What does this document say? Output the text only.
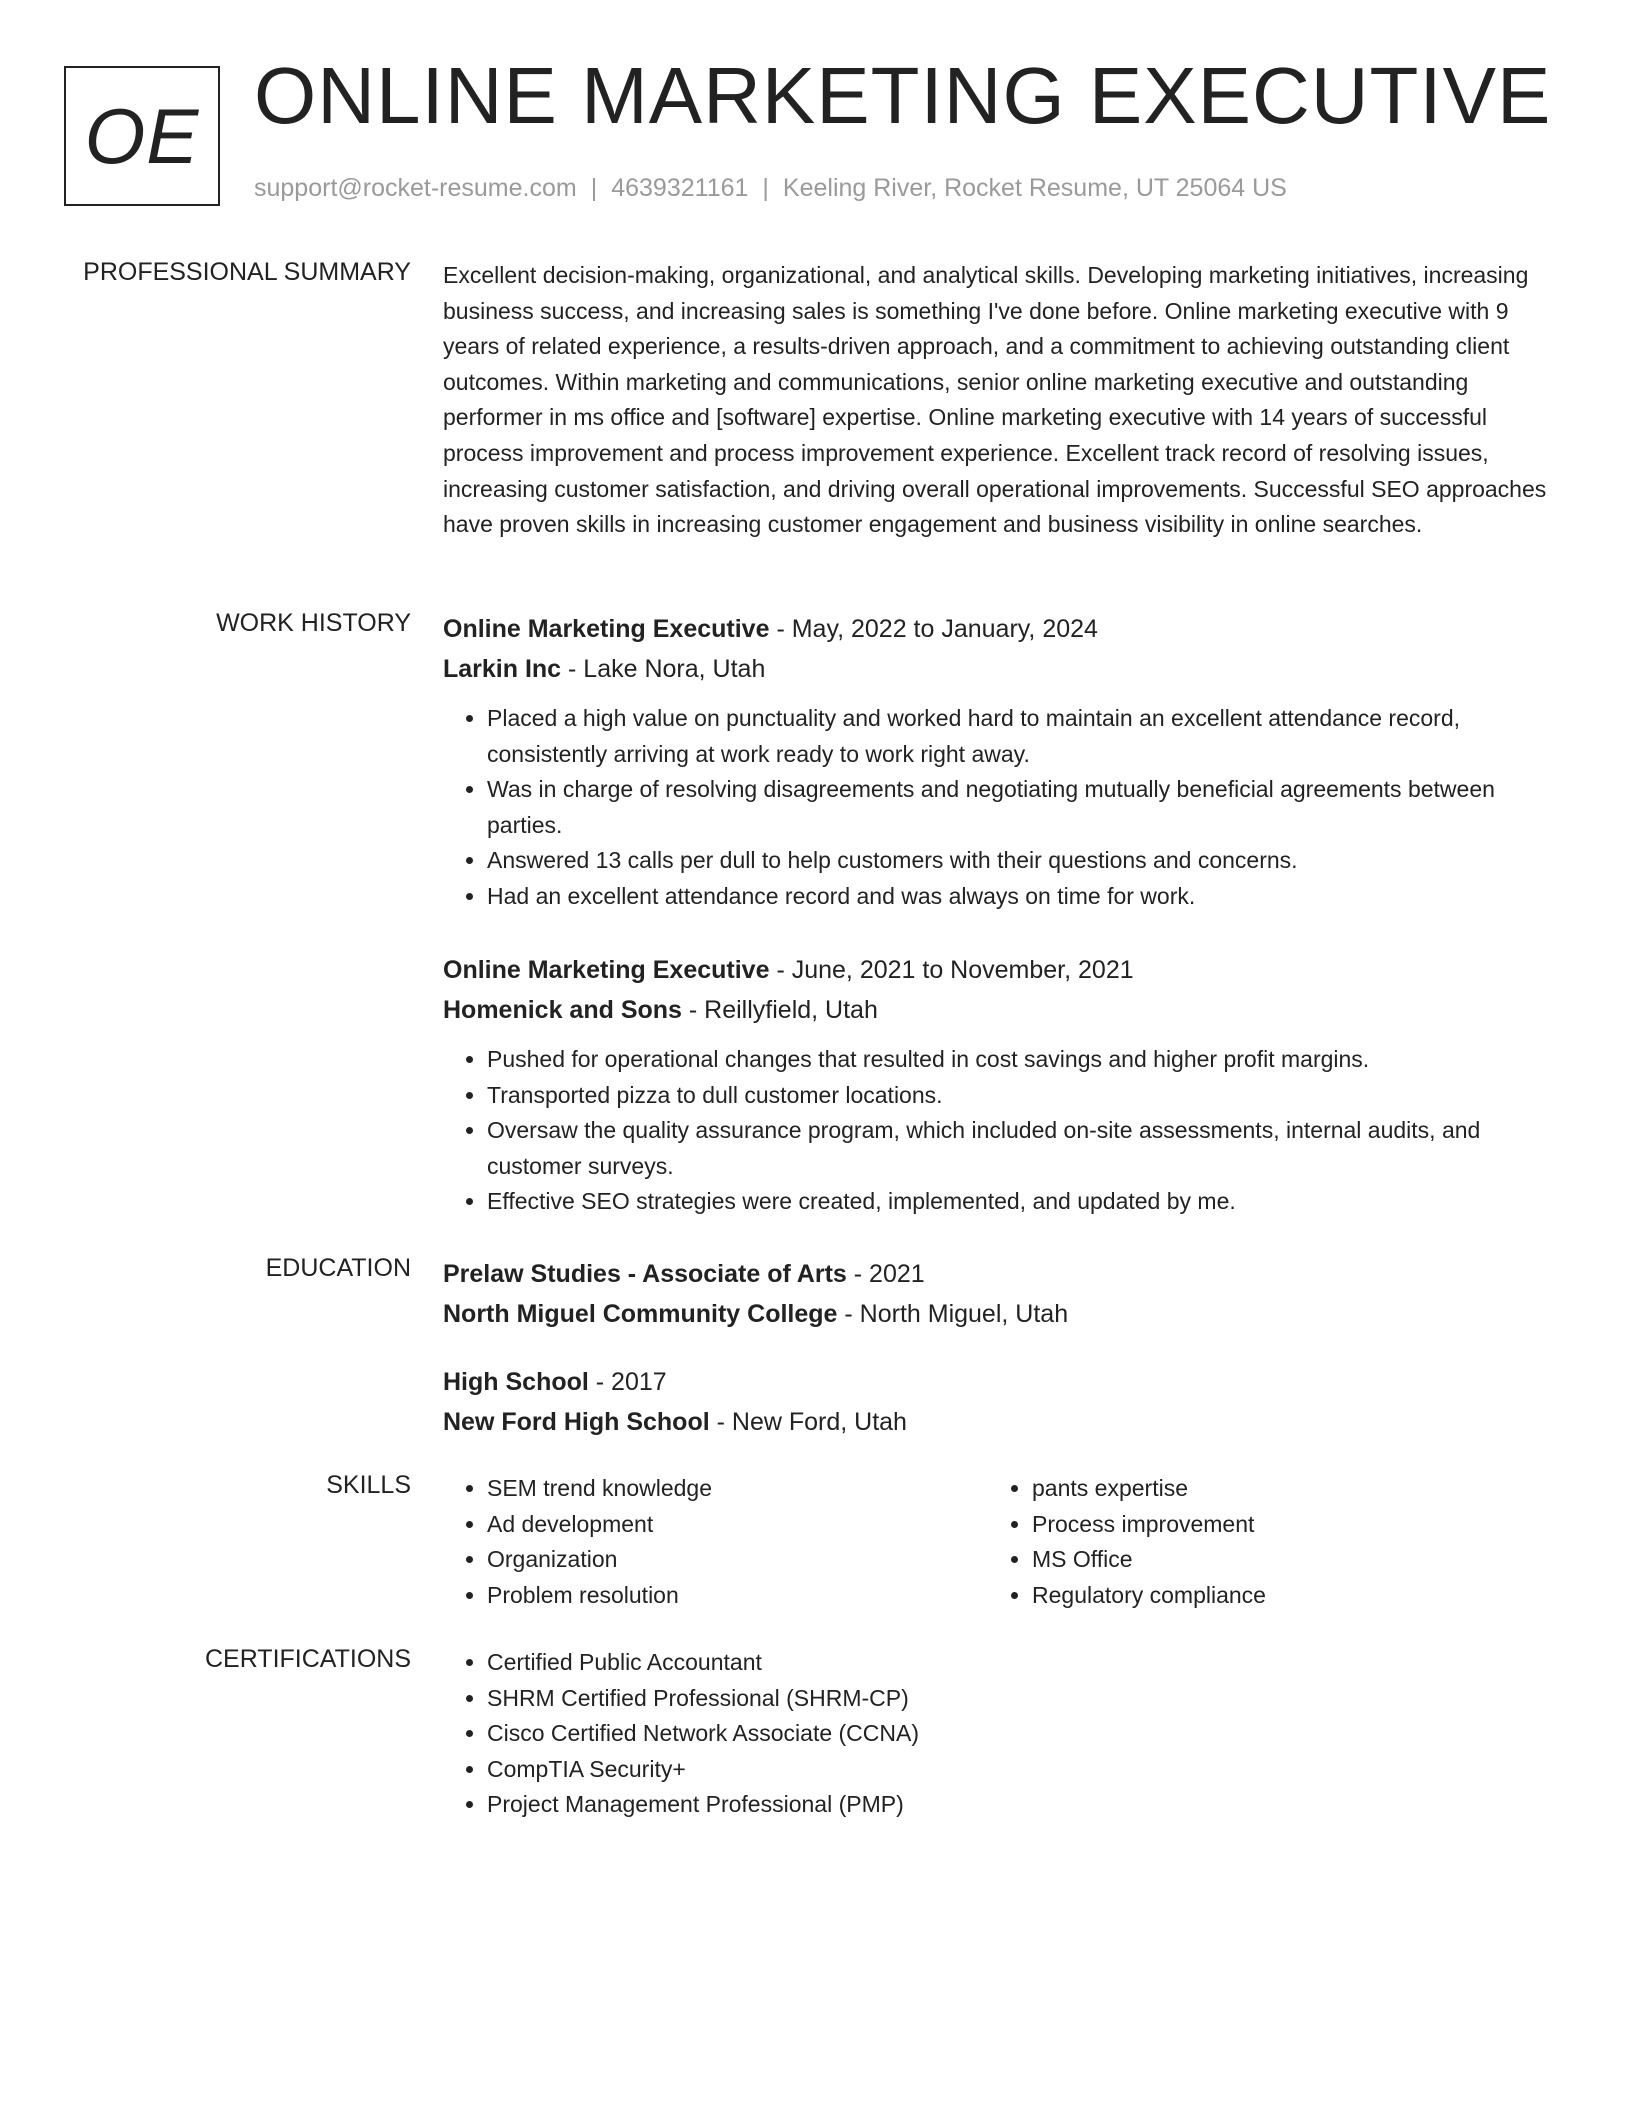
OE ONLINE MARKETING EXECUTIVE
support@rocket-resume.com | 4639321161 | Keeling River, Rocket Resume, UT 25064 US
PROFESSIONAL SUMMARY Excellent decision-making, organizational, and analytical skills. Developing marketing initiatives, increasing business success, and increasing sales is something I've done before. Online marketing executive with 9 years of related experience, a results-driven approach, and a commitment to achieving outstanding client outcomes. Within marketing and communications, senior online marketing executive and outstanding performer in ms office and [software] expertise. Online marketing executive with 14 years of successful process improvement and process improvement experience. Excellent track record of resolving issues, increasing customer satisfaction, and driving overall operational improvements. Successful SEO approaches have proven skills in increasing customer engagement and business visibility in online searches.

WORK HISTORY Online Marketing Executive - May, 2022 to January, 2024
Larkin Inc - Lake Nora, Utah
• Placed a high value on punctuality and worked hard to maintain an excellent attendance record, consistently arriving at work ready to work right away.
• Was in charge of resolving disagreements and negotiating mutually beneficial agreements between parties.
• Answered 13 calls per dull to help customers with their questions and concerns.
• Had an excellent attendance record and was always on time for work.
Online Marketing Executive - June, 2021 to November, 2021
Homenick and Sons - Reillyfield, Utah
• Pushed for operational changes that resulted in cost savings and higher profit margins.
• Transported pizza to dull customer locations.
• Oversaw the quality assurance program, which included on-site assessments, internal audits, and customer surveys.
• Effective SEO strategies were created, implemented, and updated by me.
EDUCATION Prelaw Studies - Associate of Arts - 2021
North Miguel Community College - North Miguel, Utah
High School - 2017
New Ford High School - New Ford, Utah
SKILLS	• SEM trend knowledge
• Ad development
• Organization
• Problem resolution
• pants expertise
• Process improvement
• MS Office
• Regulatory compliance
CERTIFICATIONS	• Certified Public Accountant
• SHRM Certified Professional (SHRM-CP)
• Cisco Certified Network Associate (CCNA)
• CompTIA Security+
• Project Management Professional (PMP)
